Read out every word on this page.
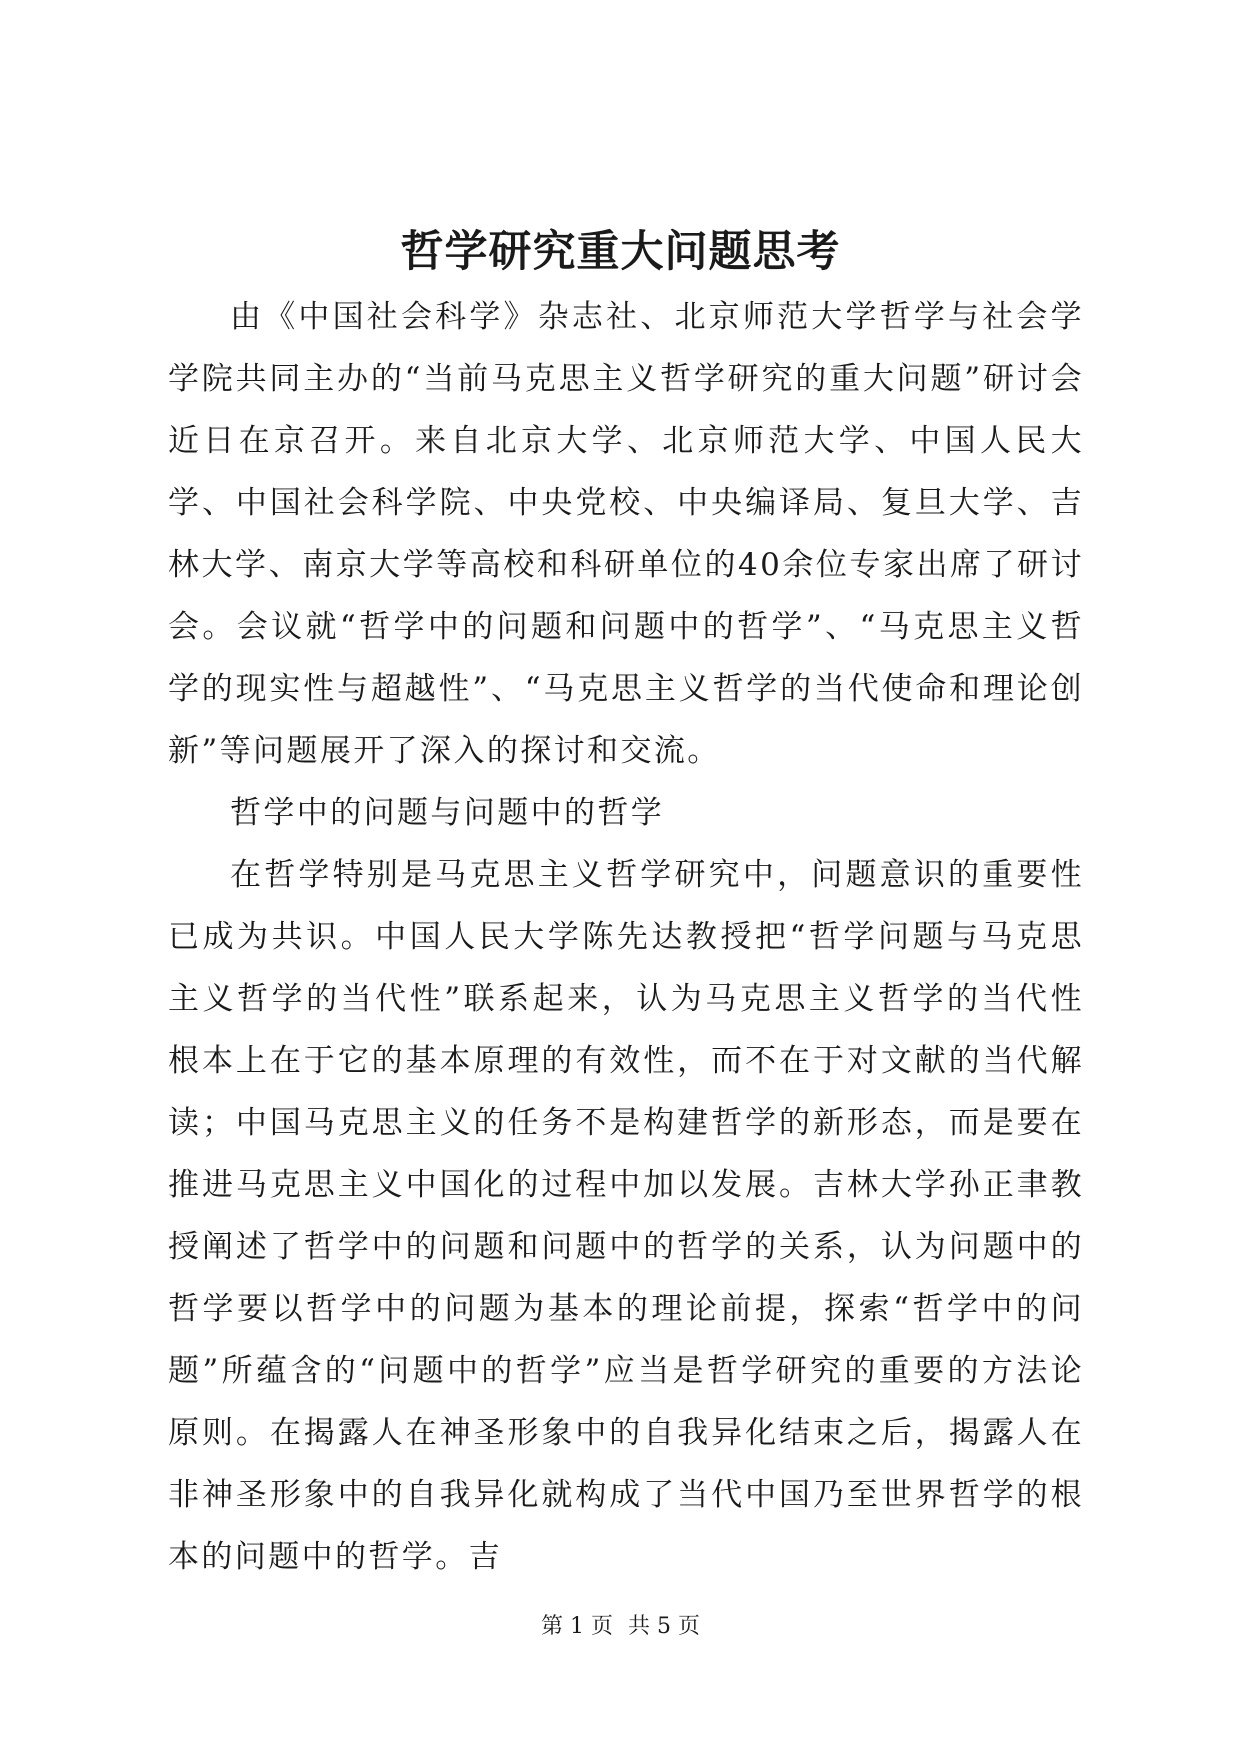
哲学研究重大问题思考

由《中国社会科学》杂志社、北京师范大学哲学与社会学学院共同主办的“当前马克思主义哲学研究的重大问题”研讨会近日在京召开。来自北京大学、北京师范大学、中国人民大学、中国社会科学院、中央党校、中央编译局、复旦大学、吉林大学、南京大学等高校和科研单位的40余位专家出席了研讨会。会议就“哲学中的问题和问题中的哲学”、“马克思主义哲学的现实性与超越性”、“马克思主义哲学的当代使命和理论创新”等问题展开了深入的探讨和交流。

哲学中的问题与问题中的哲学

在哲学特别是马克思主义哲学研究中，问题意识的重要性已成为共识。中国人民大学陈先达教授把“哲学问题与马克思主义哲学的当代性”联系起来，认为马克思主义哲学的当代性根本上在于它的基本原理的有效性，而不在于对文献的当代解读；中国马克思主义的任务不是构建哲学的新形态，而是要在推进马克思主义中国化的过程中加以发展。吉林大学孙正聿教授阐述了哲学中的问题和问题中的哲学的关系，认为问题中的哲学要以哲学中的问题为基本的理论前提，探索“哲学中的问题”所蕴含的“问题中的哲学”应当是哲学研究的重要的方法论原则。在揭露人在神圣形象中的自我异化结束之后，揭露人在非神圣形象中的自我异化就构成了当代中国乃至世界哲学的根本的问题中的哲学。吉

第 1 页 共 5 页
